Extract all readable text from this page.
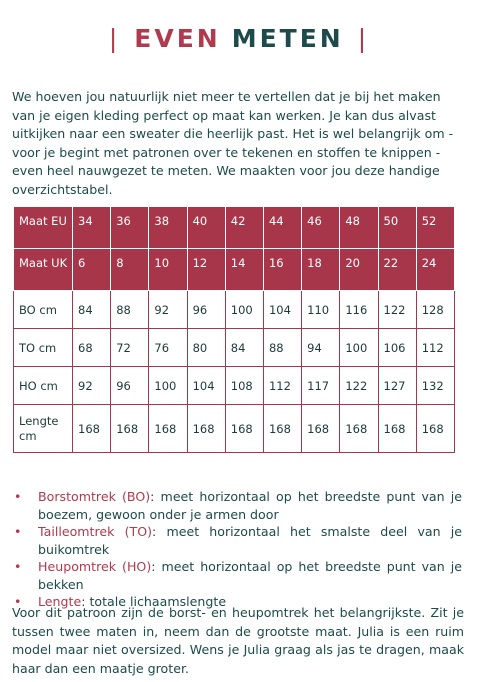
| EVEN METEN |

We hoeven jou natuurlijk niet meer te vertellen dat je bij het maken van je eigen kleding perfect op maat kan werken. Je kan dus alvast uitkijken naar een sweater die heerlijk past. Het is wel belangrijk om - voor je begint met patronen over te tekenen en stoffen te knippen - even heel nauwgezet te meten. We maakten voor jou deze handige overzichtstabel.

Maat EU	34	36	38	40	42	44	46	48	50	52
Maat UK	6	8	10	12	14	16	18	20	22	24
BO cm	84	88	92	96	100	104	110	116	122	128
TO cm	68	72	76	80	84	88	94	100	106	112
HO cm	92	96	100	104	108	112	117	122	127	132
Lengte cm	168	168	168	168	168	168	168	168	168	168
• Borstomtrek (BO): meet horizontaal op het breedste punt van je boezem, gewoon onder je armen door
• Tailleomtrek (TO): meet horizontaal het smalste deel van je buikomtrek
• Heupomtrek (HO): meet horizontaal op het breedste punt van je bekken
• Lengte: totale lichaamslengte

Voor dit patroon zijn de borst- en heupomtrek het belangrijkste. Zit je tussen twee maten in, neem dan de grootste maat. Julia is een ruim model maar niet oversized. Wens je Julia graag als jas te dragen, maak haar dan een maatje groter.
